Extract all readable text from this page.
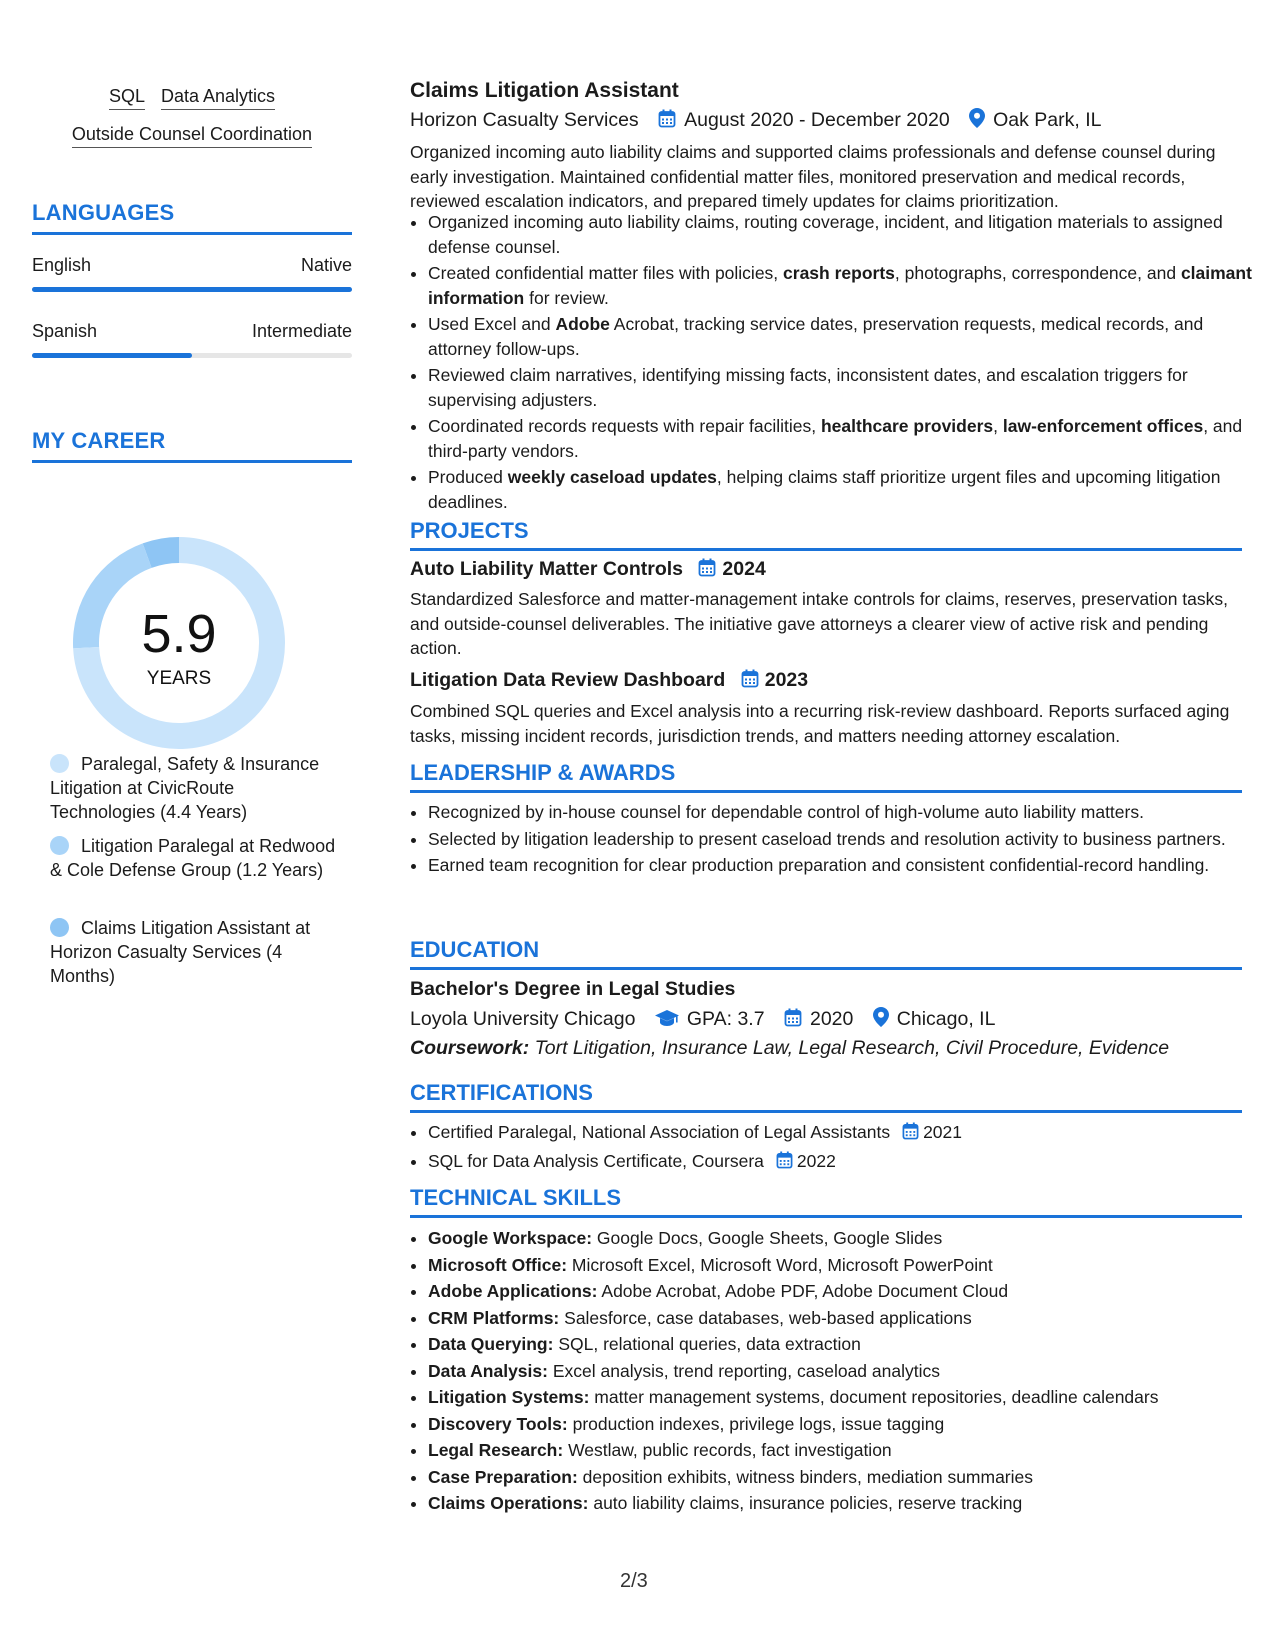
SQL Data Analytics
Outside Counsel Coordination
LANGUAGES
English	Native
Spanish	Intermediate
MY CAREER
5.9
YEARS
Paralegal, Safety & Insurance Litigation at CivicRoute Technologies (4.4 Years)
Litigation Paralegal at Redwood & Cole Defense Group (1.2 Years)
Claims Litigation Assistant at Horizon Casualty Services (4 Months)
Claims Litigation Assistant
Horizon Casualty Services August 2020 - December 2020 Oak Park, IL
Organized incoming auto liability claims and supported claims professionals and defense counsel during early investigation. Maintained confidential matter files, monitored preservation and medical records, reviewed escalation indicators, and prepared timely updates for claims prioritization.
• Organized incoming auto liability claims, routing coverage, incident, and litigation materials to assigned defense counsel.
• Created confidential matter files with policies, crash reports, photographs, correspondence, and claimant information for review.
• Used Excel and Adobe Acrobat, tracking service dates, preservation requests, medical records, and attorney follow-ups.
• Reviewed claim narratives, identifying missing facts, inconsistent dates, and escalation triggers for supervising adjusters.
• Coordinated records requests with repair facilities, healthcare providers, law-enforcement offices, and third-party vendors.
• Produced weekly caseload updates, helping claims staff prioritize urgent files and upcoming litigation deadlines.
PROJECTS
Auto Liability Matter Controls 2024
Standardized Salesforce and matter-management intake controls for claims, reserves, preservation tasks, and outside-counsel deliverables. The initiative gave attorneys a clearer view of active risk and pending action.
Litigation Data Review Dashboard 2023
Combined SQL queries and Excel analysis into a recurring risk-review dashboard. Reports surfaced aging tasks, missing incident records, jurisdiction trends, and matters needing attorney escalation.
LEADERSHIP & AWARDS
• Recognized by in-house counsel for dependable control of high-volume auto liability matters.
• Selected by litigation leadership to present caseload trends and resolution activity to business partners.
• Earned team recognition for clear production preparation and consistent confidential-record handling.
EDUCATION
Bachelor's Degree in Legal Studies
Loyola University Chicago	GPA: 3.7 2020 Chicago, IL
Coursework: Tort Litigation, Insurance Law, Legal Research, Civil Procedure, Evidence
CERTIFICATIONS
• Certified Paralegal, National Association of Legal Assistants 2021
• SQL for Data Analysis Certificate, Coursera 2022
TECHNICAL SKILLS
• Google Workspace: Google Docs, Google Sheets, Google Slides
• Microsoft Office: Microsoft Excel, Microsoft Word, Microsoft PowerPoint
• Adobe Applications: Adobe Acrobat, Adobe PDF, Adobe Document Cloud
• CRM Platforms: Salesforce, case databases, web-based applications
• Data Querying: SQL, relational queries, data extraction
• Data Analysis: Excel analysis, trend reporting, caseload analytics
• Litigation Systems: matter management systems, document repositories, deadline calendars
• Discovery Tools: production indexes, privilege logs, issue tagging
• Legal Research: Westlaw, public records, fact investigation
• Case Preparation: deposition exhibits, witness binders, mediation summaries
• Claims Operations: auto liability claims, insurance policies, reserve tracking
2/3
